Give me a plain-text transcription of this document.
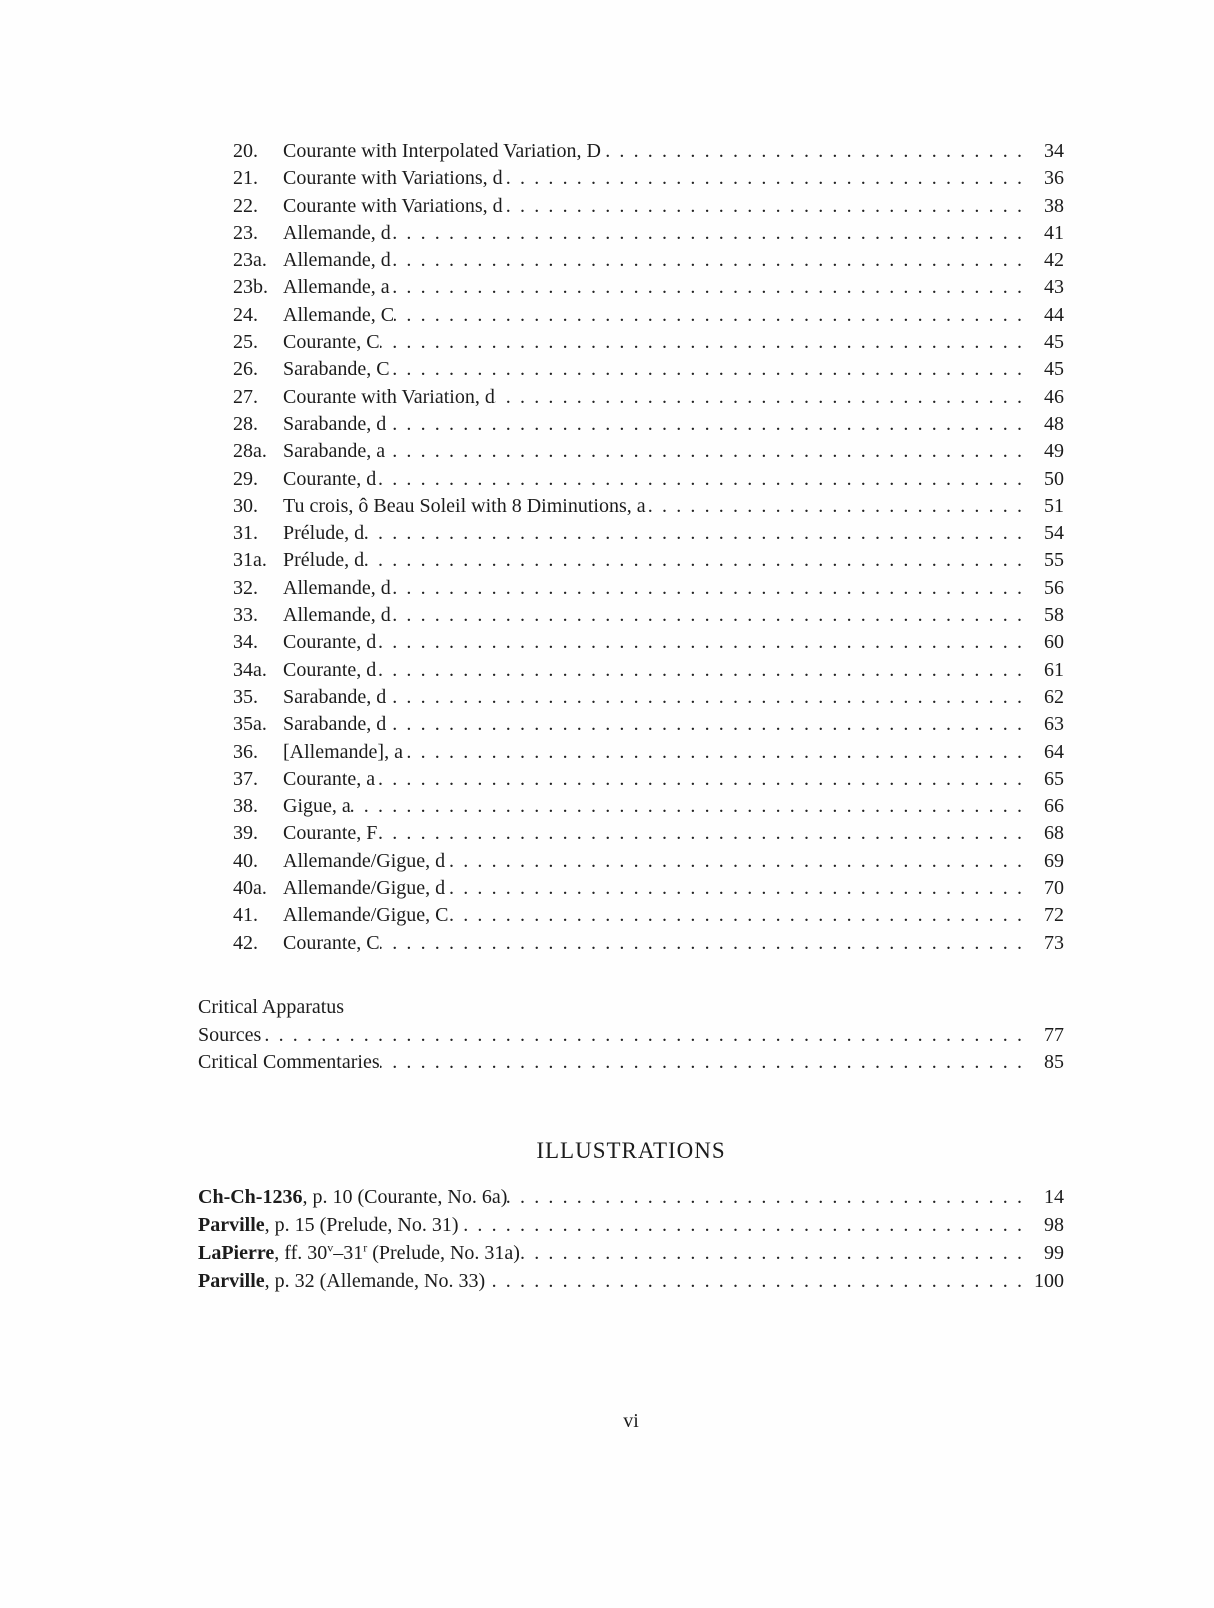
20.	Courante with Interpolated Variation, D . . .	34
21.	Courante with Variations, d . . .	36
22.	Courante with Variations, d . . .	38
23.	Allemande, d . . .	41
23a. Allemande, d . . .	42
23b. Allemande, a . . .	43
24.	Allemande, C . . .	44
25.	Courante, C . . .	45
26.	Sarabande, C . . .	45
27.	Courante with Variation, d . . .	46
28.	Sarabande, d . . .	48
28a. Sarabande, a . . .	49
29.	Courante, d . . .	50
30.	Tu crois, ô Beau Soleil with 8 Diminutions, a . . .	51
31.	Prélude, d . . .	54
31a. Prélude, d . . .	55
32.	Allemande, d . . .	56
33.	Allemande, d . . .	58
34.	Courante, d . . .	60
34a. Courante, d . . .	61
35.	Sarabande, d . . .	62
35a. Sarabande, d . . .	63
36.	[Allemande], a . . .	64
37.	Courante, a . . .	65
38.	Gigue, a . . .	66
39.	Courante, F . . .	68
40.	Allemande/Gigue, d . . .	69
40a. Allemande/Gigue, d . . .	70
41.	Allemande/Gigue, C . . .	72
42.	Courante, C . . .	73
Critical Apparatus
Sources . . .	77
Critical Commentaries . . .	85
ILLUSTRATIONS
Ch-Ch-1236, p. 10 (Courante, No. 6a) . . .	14
Parville, p. 15 (Prelude, No. 31) . . .	98
LaPierre, ff. 30$^v$–31$^r$ (Prelude, No. 31a) . . .	99
Parville, p. 32 (Allemande, No. 33) . . .	100
vi
